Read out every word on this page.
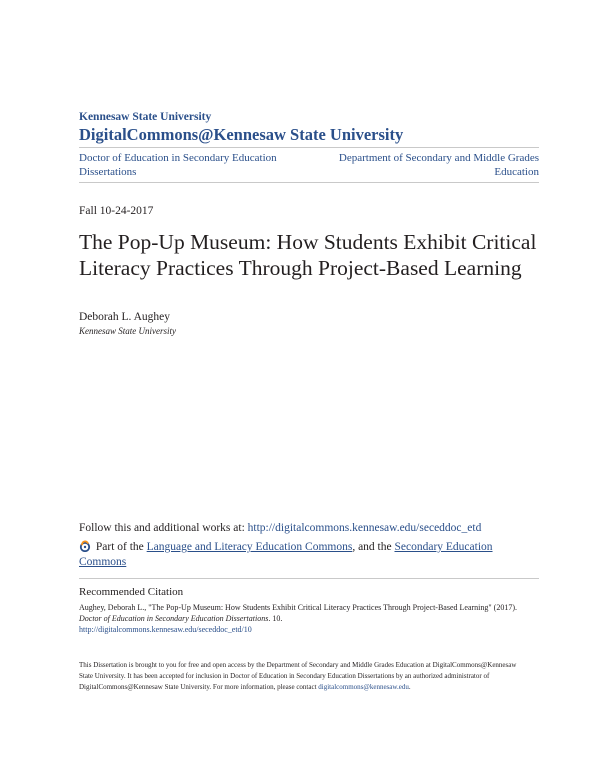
Kennesaw State University
DigitalCommons@Kennesaw State University
Doctor of Education in Secondary Education Dissertations
Department of Secondary and Middle Grades Education
Fall 10-24-2017
The Pop-Up Museum: How Students Exhibit Critical Literacy Practices Through Project-Based Learning
Deborah L. Aughey
Kennesaw State University
Follow this and additional works at: http://digitalcommons.kennesaw.edu/seceddoc_etd
Part of the Language and Literacy Education Commons, and the Secondary Education Commons
Recommended Citation
Aughey, Deborah L., "The Pop-Up Museum: How Students Exhibit Critical Literacy Practices Through Project-Based Learning" (2017). Doctor of Education in Secondary Education Dissertations. 10.
http://digitalcommons.kennesaw.edu/seceddoc_etd/10
This Dissertation is brought to you for free and open access by the Department of Secondary and Middle Grades Education at DigitalCommons@Kennesaw State University. It has been accepted for inclusion in Doctor of Education in Secondary Education Dissertations by an authorized administrator of DigitalCommons@Kennesaw State University. For more information, please contact digitalcommons@kennesaw.edu.
